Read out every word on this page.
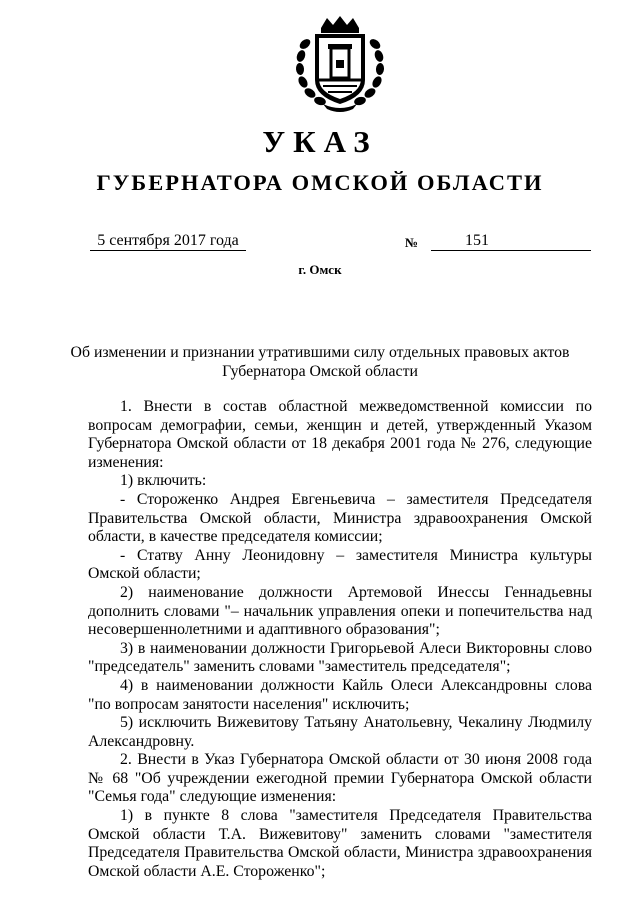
УКАЗ
ГУБЕРНАТОРА ОМСКОЙ ОБЛАСТИ
5 сентября 2017 года	№	151
г. Омск
Об изменении и признании утратившими силу отдельных правовых актов
Губернатора Омской области

1. Внести в состав областной межведомственной комиссии по вопросам демографии, семьи, женщин и детей, утвержденный Указом Губернатора Омской области от 18 декабря 2001 года № 276, следующие изменения:

1) включить:

- Стороженко Андрея Евгеньевича – заместителя Председателя Правительства Омской области, Министра здравоохранения Омской области, в качестве председателя комиссии;

- Статву Анну Леонидовну – заместителя Министра культуры Омской области;

2) наименование должности Артемовой Инессы Геннадьевны дополнить словами "– начальник управления опеки и попечительства над несовершеннолетними и адаптивного образования";

3) в наименовании должности Григорьевой Алеси Викторовны слово "председатель" заменить словами "заместитель председателя";

4) в наименовании должности Кайль Олеси Александровны слова "по вопросам занятости населения" исключить;

5) исключить Вижевитову Татьяну Анатольевну, Чекалину Людмилу Александровну.

2. Внести в Указ Губернатора Омской области от 30 июня 2008 года № 68 "Об учреждении ежегодной премии Губернатора Омской области "Семья года" следующие изменения:

1) в пункте 8 слова "заместителя Председателя Правительства Омской области Т.А. Вижевитову" заменить словами "заместителя Председателя Правительства Омской области, Министра здравоохранения Омской области А.Е. Стороженко";
